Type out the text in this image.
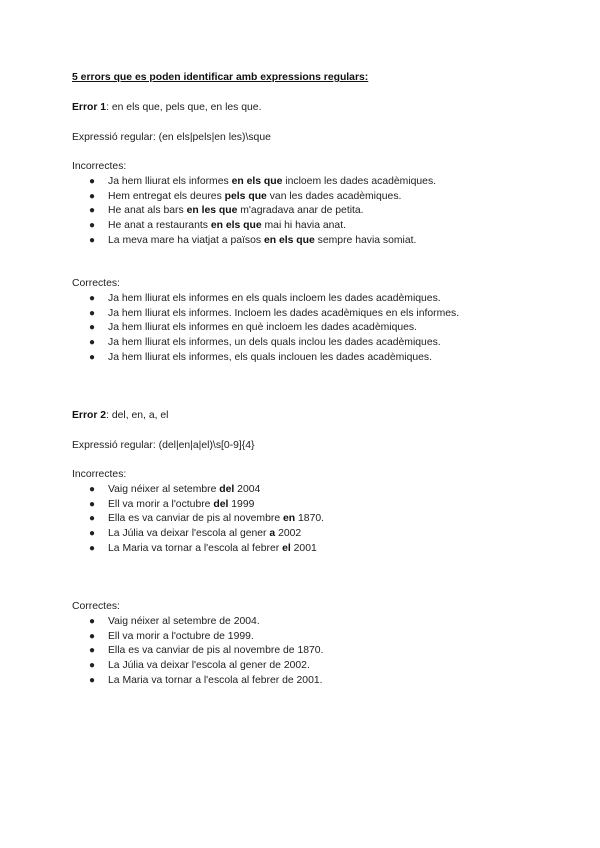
5 errors que es poden identificar amb expressions regulars:
Error 1: en els que, pels que, en les que.
Expressió regular: (en els|pels|en les)\sque
Incorrectes:
● Ja hem lliurat els informes en els que incloem les dades acadèmiques.
● Hem entregat els deures pels que van les dades acadèmiques.
● He anat als bars en les que m'agradava anar de petita.
● He anat a restaurants en els que mai hi havia anat.
● La meva mare ha viatjat a països en els que sempre havia somiat.
Correctes:
● Ja hem lliurat els informes en els quals incloem les dades acadèmiques.
● Ja hem lliurat els informes. Incloem les dades acadèmiques en els informes.
● Ja hem lliurat els informes en què incloem les dades acadèmiques.
● Ja hem lliurat els informes, un dels quals inclou les dades acadèmiques.
● Ja hem lliurat els informes, els quals inclouen les dades acadèmiques.
Error 2: del, en, a, el
Expressió regular: (del|en|a|el)\s[0-9]{4}
Incorrectes:
● Vaig néixer al setembre del 2004
● Ell va morir a l'octubre del 1999
● Ella es va canviar de pis al novembre en 1870.
● La Júlia va deixar l'escola al gener a 2002
● La Maria va tornar a l'escola al febrer el 2001
Correctes:
● Vaig néixer al setembre de 2004.
● Ell va morir a l'octubre de 1999.
● Ella es va canviar de pis al novembre de 1870.
● La Júlia va deixar l'escola al gener de 2002.
● La Maria va tornar a l'escola al febrer de 2001.
